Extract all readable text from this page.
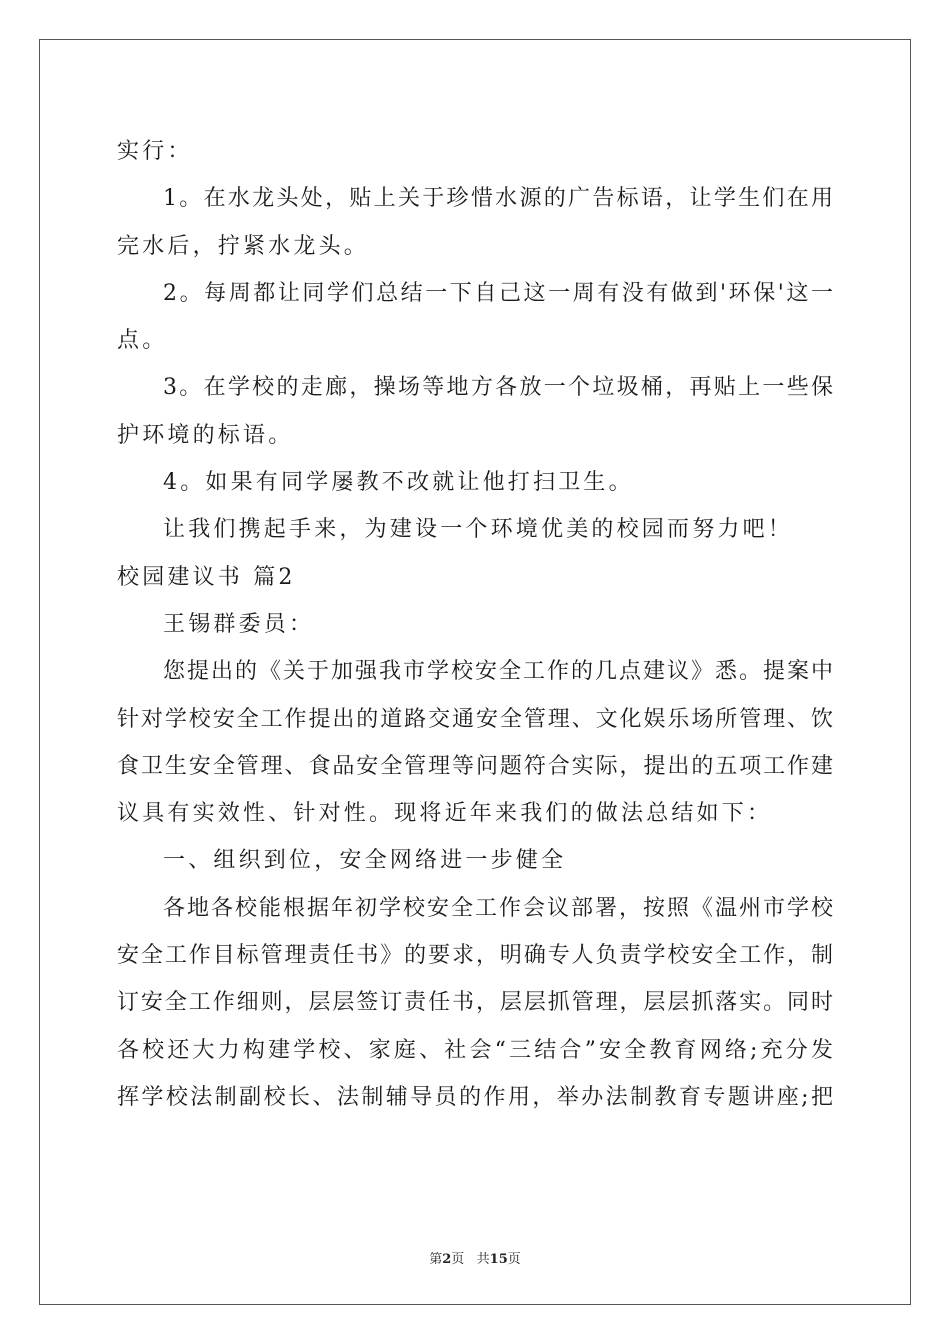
实行：
1。在水龙头处，贴上关于珍惜水源的广告标语，让学生们在用
完水后，拧紧水龙头。
2。每周都让同学们总结一下自己这一周有没有做到'环保'这一
点。
3。在学校的走廊，操场等地方各放一个垃圾桶，再贴上一些保
护环境的标语。
4。如果有同学屡教不改就让他打扫卫生。
让我们携起手来，为建设一个环境优美的校园而努力吧！
校园建议书 篇2
王锡群委员：
您提出的《关于加强我市学校安全工作的几点建议》悉。提案中
针对学校安全工作提出的道路交通安全管理、文化娱乐场所管理、饮
食卫生安全管理、食品安全管理等问题符合实际，提出的五项工作建
议具有实效性、针对性。现将近年来我们的做法总结如下：
一、组织到位，安全网络进一步健全
各地各校能根据年初学校安全工作会议部署，按照《温州市学校
安全工作目标管理责任书》的要求，明确专人负责学校安全工作，制
订安全工作细则，层层签订责任书，层层抓管理，层层抓落实。同时
各校还大力构建学校、家庭、社会“三结合”安全教育网络;充分发
挥学校法制副校长、法制辅导员的作用，举办法制教育专题讲座;把
第2页   共15页
